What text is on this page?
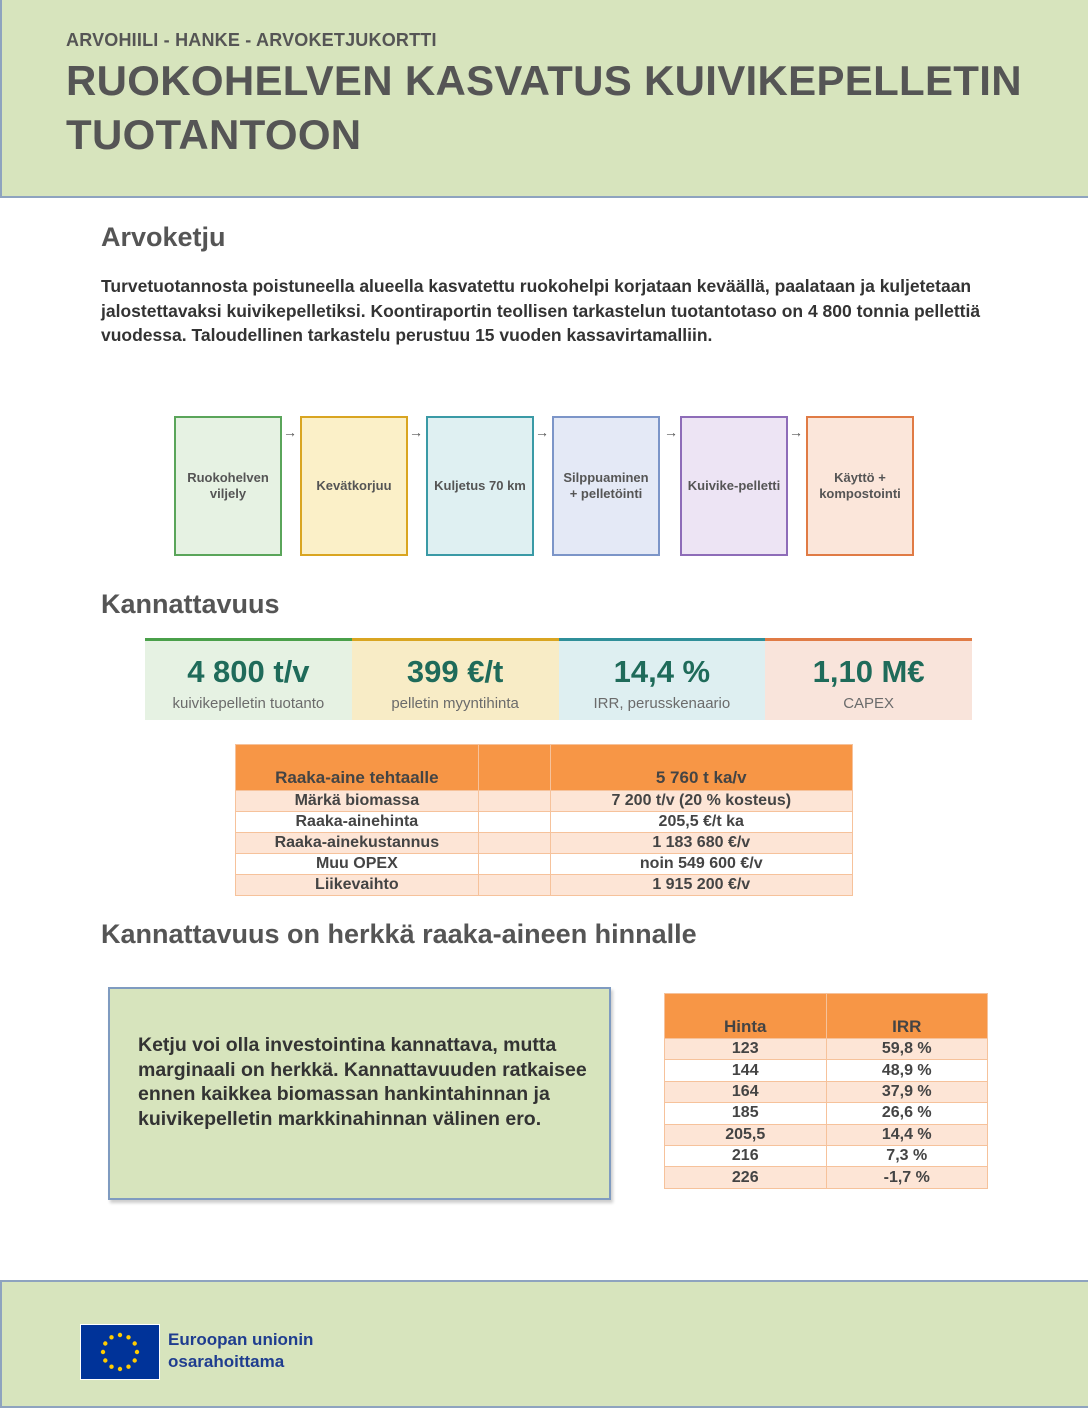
ARVOHIILI - HANKE - ARVOKETJUKORTTI
RUOKOHELVEN KASVATUS KUIVIKEPELLETIN TUOTANTOON
Arvoketju

Turvetuotannosta poistuneella alueella kasvatettu ruokohelpi korjataan keväällä, paalataan ja kuljetetaan jalostettavaksi kuivikepelletiksi. Koontiraportin teollisen tarkastelun tuotantotaso on 4 800 tonnia pellettiä vuodessa. Taloudellinen tarkastelu perustuu 15 vuoden kassavirtamalliin.

Ruokohelven viljely
→
Kevätkorjuu
→
Kuljetus 70 km
→
Silppuaminen + pelletöinti
→
Kuivike-pelletti
→
Käyttö + kompostointi
Kannattavuus
4 800 t/v
kuivikepelletin tuotanto
399 €/t
pelletin myyntihinta
14,4 %
IRR, perusskenaario
1,10 M€
CAPEX
Raaka-aine tehtaalle		5 760 t ka/v
Märkä biomassa		7 200 t/v (20 % kosteus)
Raaka-ainehinta		205,5 €/t ka
Raaka-ainekustannus		1 183 680 €/v
Muu OPEX		noin 549 600 €/v
Liikevaihto		1 915 200 €/v
Kannattavuus on herkkä raaka-aineen hinnalle
Ketju voi olla investointina kannattava, mutta marginaali on herkkä. Kannattavuuden ratkaisee ennen kaikkea biomassan hankintahinnan ja kuivikepelletin markkinahinnan välinen ero.
Hinta	IRR
123	59,8 %
144	48,9 %
164	37,9 %
185	26,6 %
205,5	14,4 %
216	7,3 %
226	-1,7 %
Euroopan unionin
osarahoittama
